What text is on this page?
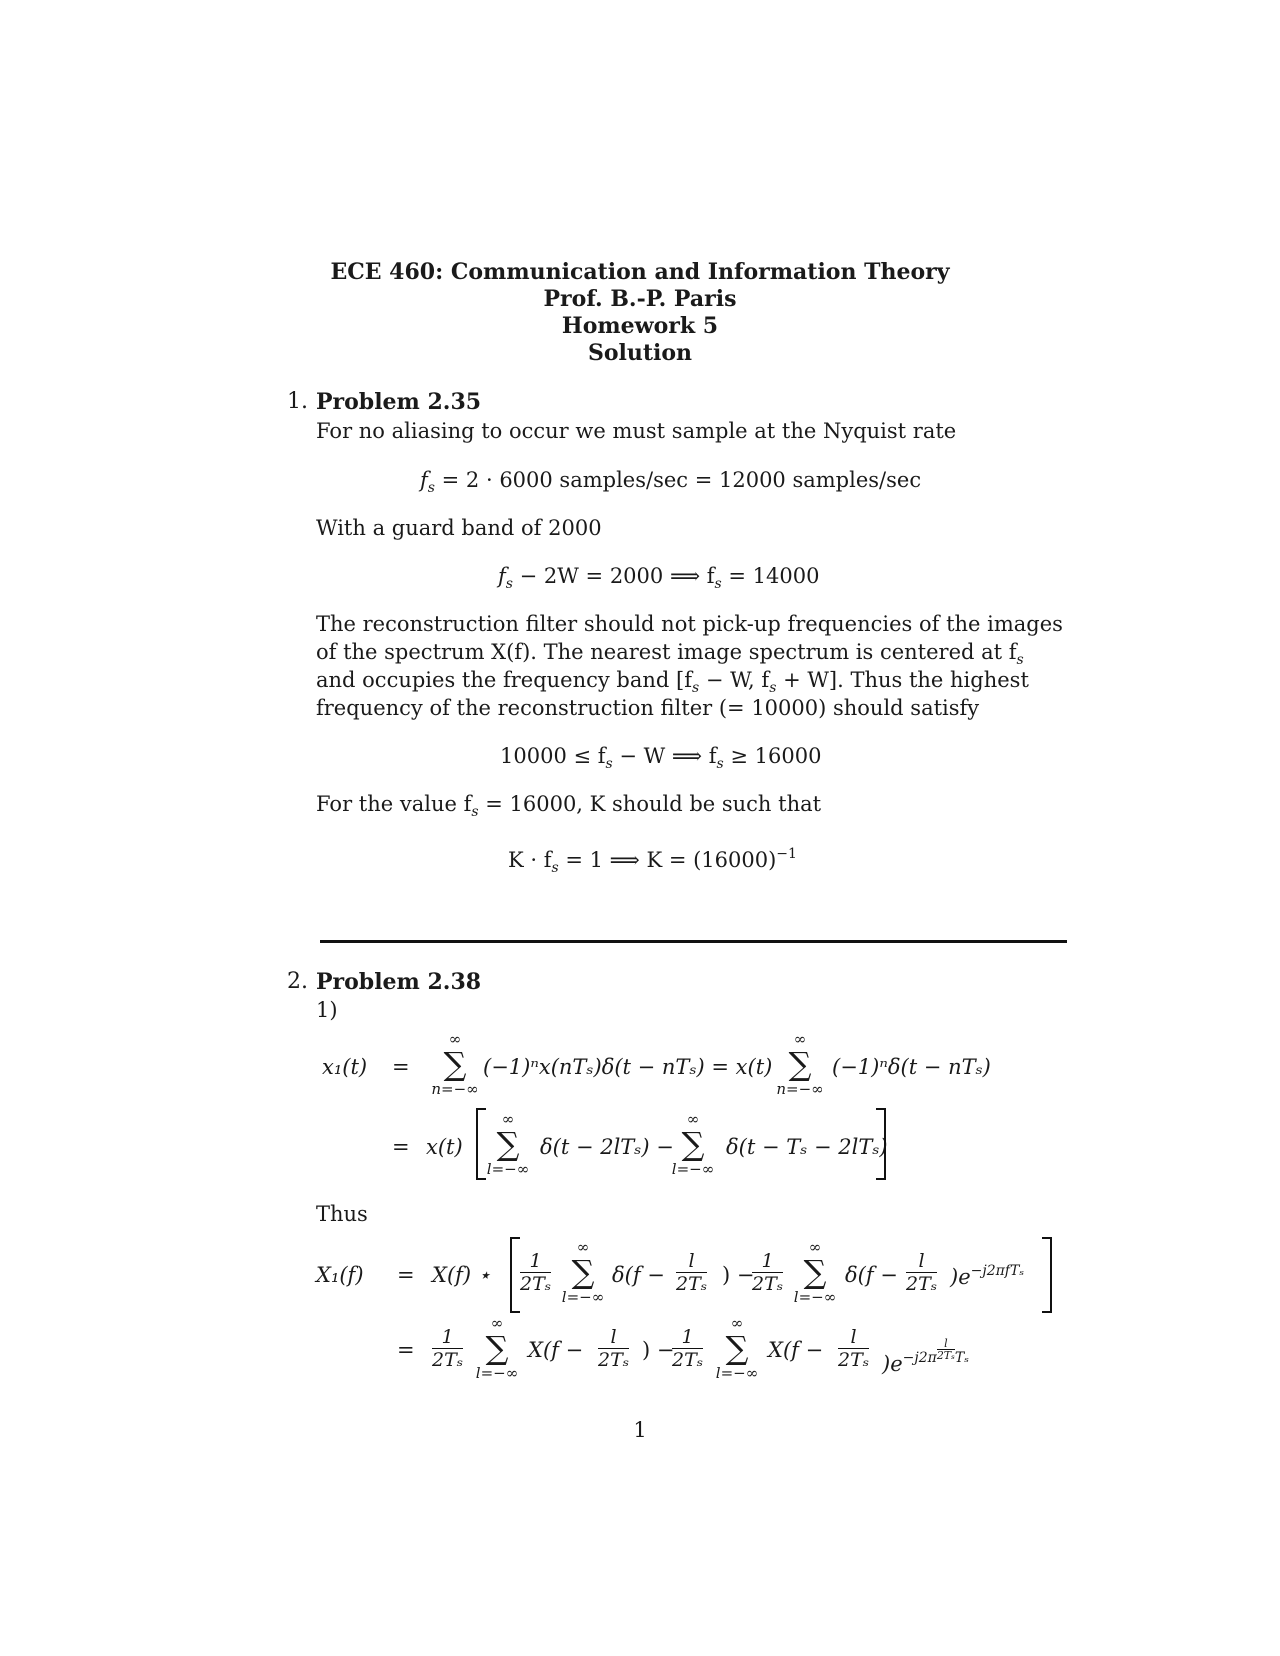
ECE 460: Communication and Information Theory
Prof. B.-P. Paris
Homework 5
Solution
1. Problem 2.35
For no aliasing to occur we must sample at the Nyquist rate
$f_s = 2 \cdot 6000$ samples/sec = 12000 samples/sec
With a guard band of 2000
$f_s - 2W = 2000$ ⟹ $f_s = 14000$
The reconstruction filter should not pick-up frequencies of the images
of the spectrum X(f). The nearest image spectrum is centered at $f_s$
and occupies the frequency band [$f_s - W$, $f_s + W$]. Thus the highest
frequency of the reconstruction filter (= 10000) should satisfy
$10000 \le f_s - W$ ⟹ $f_s \ge 16000$
For the value $f_s = 16000$, K should be such that
$K \cdot f_s = 1$ ⟹ $K = (16000)^{-1}$
2. Problem 2.38
1)
x₁(t) =
∞
∑
n=−∞
(−1)ⁿx(nTₛ)δ(t − nTₛ) = x(t)
∞
∑
n=−∞
(−1)ⁿδ(t − nTₛ)
= x(t)
∞
∑
l=−∞
δ(t − 2lTₛ) −
∞
∑
l=−∞
δ(t − Tₛ − 2lTₛ)
Thus
X₁(f) = X(f) ⋆ $\frac{1}{\text{2Tₛ}}$
∞
∑
l=−∞
$\delta(f - \frac{l}{\text{2Tₛ}}$ ) −
$\frac{1}{\text{2Tₛ}}$
∞
∑
l=−∞
$\delta(f - \frac{l}{\text{2Tₛ}} )e^{-j2\pi fT_s}$
= $\frac{1}{\text{2Tₛ}}$
∞
∑
l=−∞
$X(f - \frac{l}{\text{2Tₛ}}$ ) −
$\frac{1}{\text{2Tₛ}}$
∞
∑
l=−∞
$X(f - \frac{l}{\text{2Tₛ}} )e^{-j2\pi} \frac{l}{\text{2Tₛ}} ^{T_s}$
1
